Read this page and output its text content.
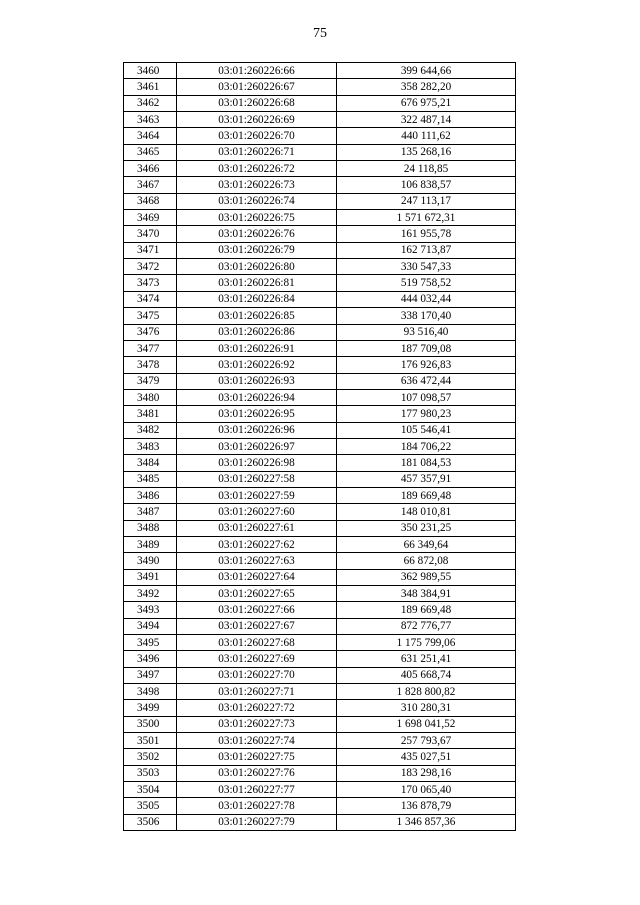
75
3460	03:01:260226:66	399 644,66
3461	03:01:260226:67	358 282,20
3462	03:01:260226:68	676 975,21
3463	03:01:260226:69	322 487,14
3464	03:01:260226:70	440 111,62
3465	03:01:260226:71	135 268,16
3466	03:01:260226:72	24 118,85
3467	03:01:260226:73	106 838,57
3468	03:01:260226:74	247 113,17
3469	03:01:260226:75	1 571 672,31
3470	03:01:260226:76	161 955,78
3471	03:01:260226:79	162 713,87
3472	03:01:260226:80	330 547,33
3473	03:01:260226:81	519 758,52
3474	03:01:260226:84	444 032,44
3475	03:01:260226:85	338 170,40
3476	03:01:260226:86	93 516,40
3477	03:01:260226:91	187 709,08
3478	03:01:260226:92	176 926,83
3479	03:01:260226:93	636 472,44
3480	03:01:260226:94	107 098,57
3481	03:01:260226:95	177 980,23
3482	03:01:260226:96	105 546,41
3483	03:01:260226:97	184 706,22
3484	03:01:260226:98	181 084,53
3485	03:01:260227:58	457 357,91
3486	03:01:260227:59	189 669,48
3487	03:01:260227:60	148 010,81
3488	03:01:260227:61	350 231,25
3489	03:01:260227:62	66 349,64
3490	03:01:260227:63	66 872,08
3491	03:01:260227:64	362 989,55
3492	03:01:260227:65	348 384,91
3493	03:01:260227:66	189 669,48
3494	03:01:260227:67	872 776,77
3495	03:01:260227:68	1 175 799,06
3496	03:01:260227:69	631 251,41
3497	03:01:260227:70	405 668,74
3498	03:01:260227:71	1 828 800,82
3499	03:01:260227:72	310 280,31
3500	03:01:260227:73	1 698 041,52
3501	03:01:260227:74	257 793,67
3502	03:01:260227:75	435 027,51
3503	03:01:260227:76	183 298,16
3504	03:01:260227:77	170 065,40
3505	03:01:260227:78	136 878,79
3506	03:01:260227:79	1 346 857,36
